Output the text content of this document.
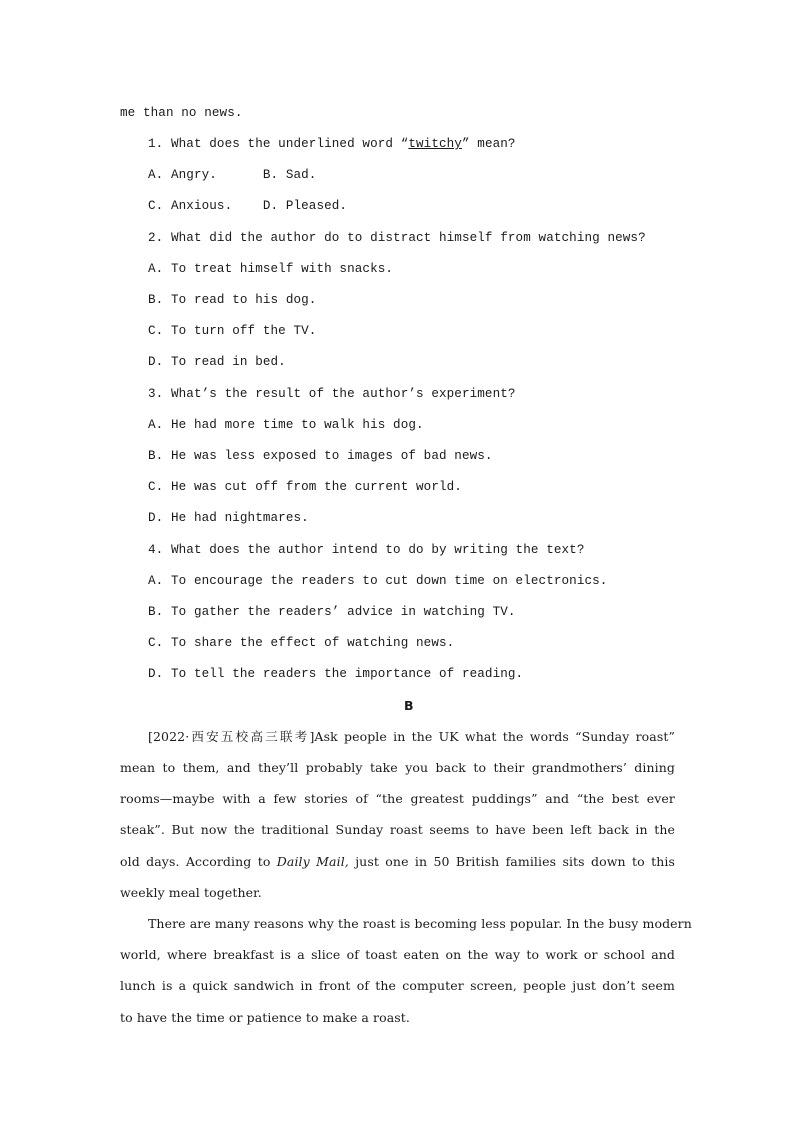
me than no news.
1. What does the underlined word “twitchy” mean?
A. Angry.      B. Sad.
C. Anxious.    D. Pleased.
2. What did the author do to distract himself from watching news?
A. To treat himself with snacks.
B. To read to his dog.
C. To turn off the TV.
D. To read in bed.
3. What’s the result of the author’s experiment?
A. He had more time to walk his dog.
B. He was less exposed to images of bad news.
C. He was cut off from the current world.
D. He had nightmares.
4. What does the author intend to do by writing the text?
A. To encourage the readers to cut down time on electronics.
B. To gather the readers’ advice in watching TV.
C. To share the effect of watching news.
D. To tell the readers the importance of reading.
B
[2022·西安五校高三联考]Ask people in the UK what the words “Sunday roast”
mean to them, and they’ll probably take you back to their grandmothers’ dining
rooms—maybe with a few stories of “the greatest puddings” and “the best ever
steak”. But now the traditional Sunday roast seems to have been left back in the
old days. According to Daily Mail, just one in 50 British families sits down to this
weekly meal together.
There are many reasons why the roast is becoming less popular. In the busy modern
world, where breakfast is a slice of toast eaten on the way to work or school and
lunch is a quick sandwich in front of the computer screen, people just don’t seem
to have the time or patience to make a roast.
